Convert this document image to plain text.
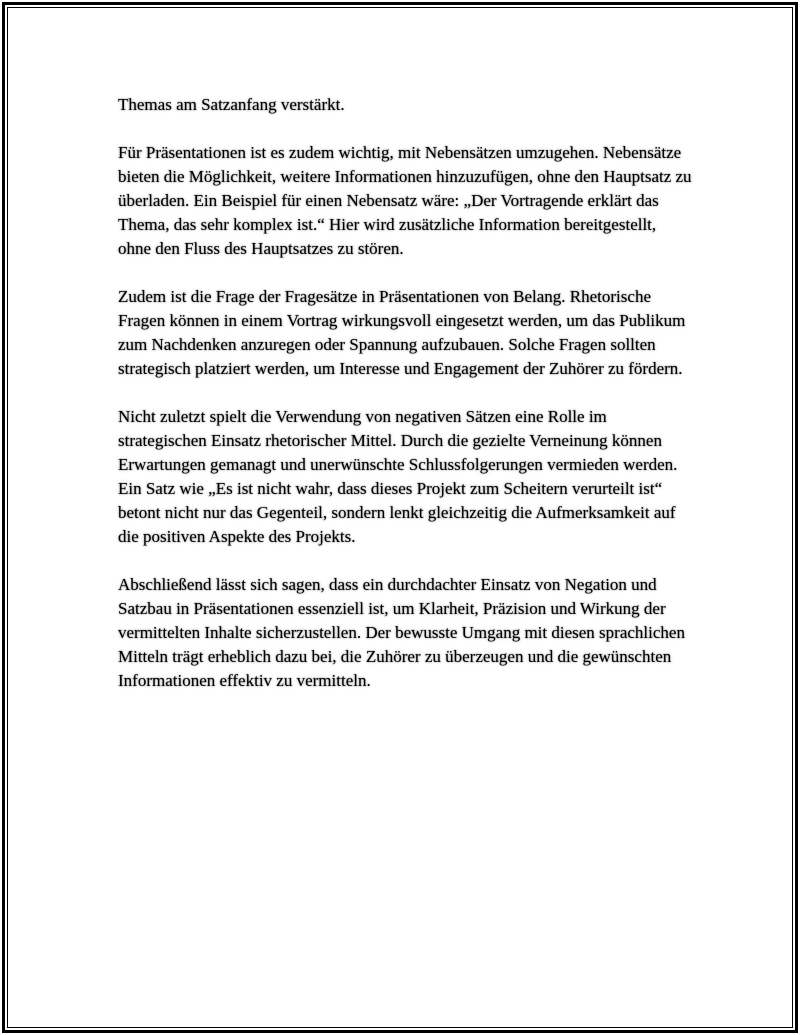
Themas am Satzanfang verstärkt.

Für Präsentationen ist es zudem wichtig, mit Nebensätzen umzugehen. Nebensätze bieten die Möglichkeit, weitere Informationen hinzuzufügen, ohne den Hauptsatz zu überladen. Ein Beispiel für einen Nebensatz wäre: „Der Vortragende erklärt das Thema, das sehr komplex ist.“ Hier wird zusätzliche Information bereitgestellt, ohne den Fluss des Hauptsatzes zu stören.

Zudem ist die Frage der Fragesätze in Präsentationen von Belang. Rhetorische Fragen können in einem Vortrag wirkungsvoll eingesetzt werden, um das Publikum zum Nachdenken anzuregen oder Spannung aufzubauen. Solche Fragen sollten strategisch platziert werden, um Interesse und Engagement der Zuhörer zu fördern.

Nicht zuletzt spielt die Verwendung von negativen Sätzen eine Rolle im strategischen Einsatz rhetorischer Mittel. Durch die gezielte Verneinung können Erwartungen gemanagt und unerwünschte Schlussfolgerungen vermieden werden. Ein Satz wie „Es ist nicht wahr, dass dieses Projekt zum Scheitern verurteilt ist“ betont nicht nur das Gegenteil, sondern lenkt gleichzeitig die Aufmerksamkeit auf die positiven Aspekte des Projekts.

Abschließend lässt sich sagen, dass ein durchdachter Einsatz von Negation und Satzbau in Präsentationen essenziell ist, um Klarheit, Präzision und Wirkung der vermittelten Inhalte sicherzustellen. Der bewusste Umgang mit diesen sprachlichen Mitteln trägt erheblich dazu bei, die Zuhörer zu überzeugen und die gewünschten Informationen effektiv zu vermitteln.
